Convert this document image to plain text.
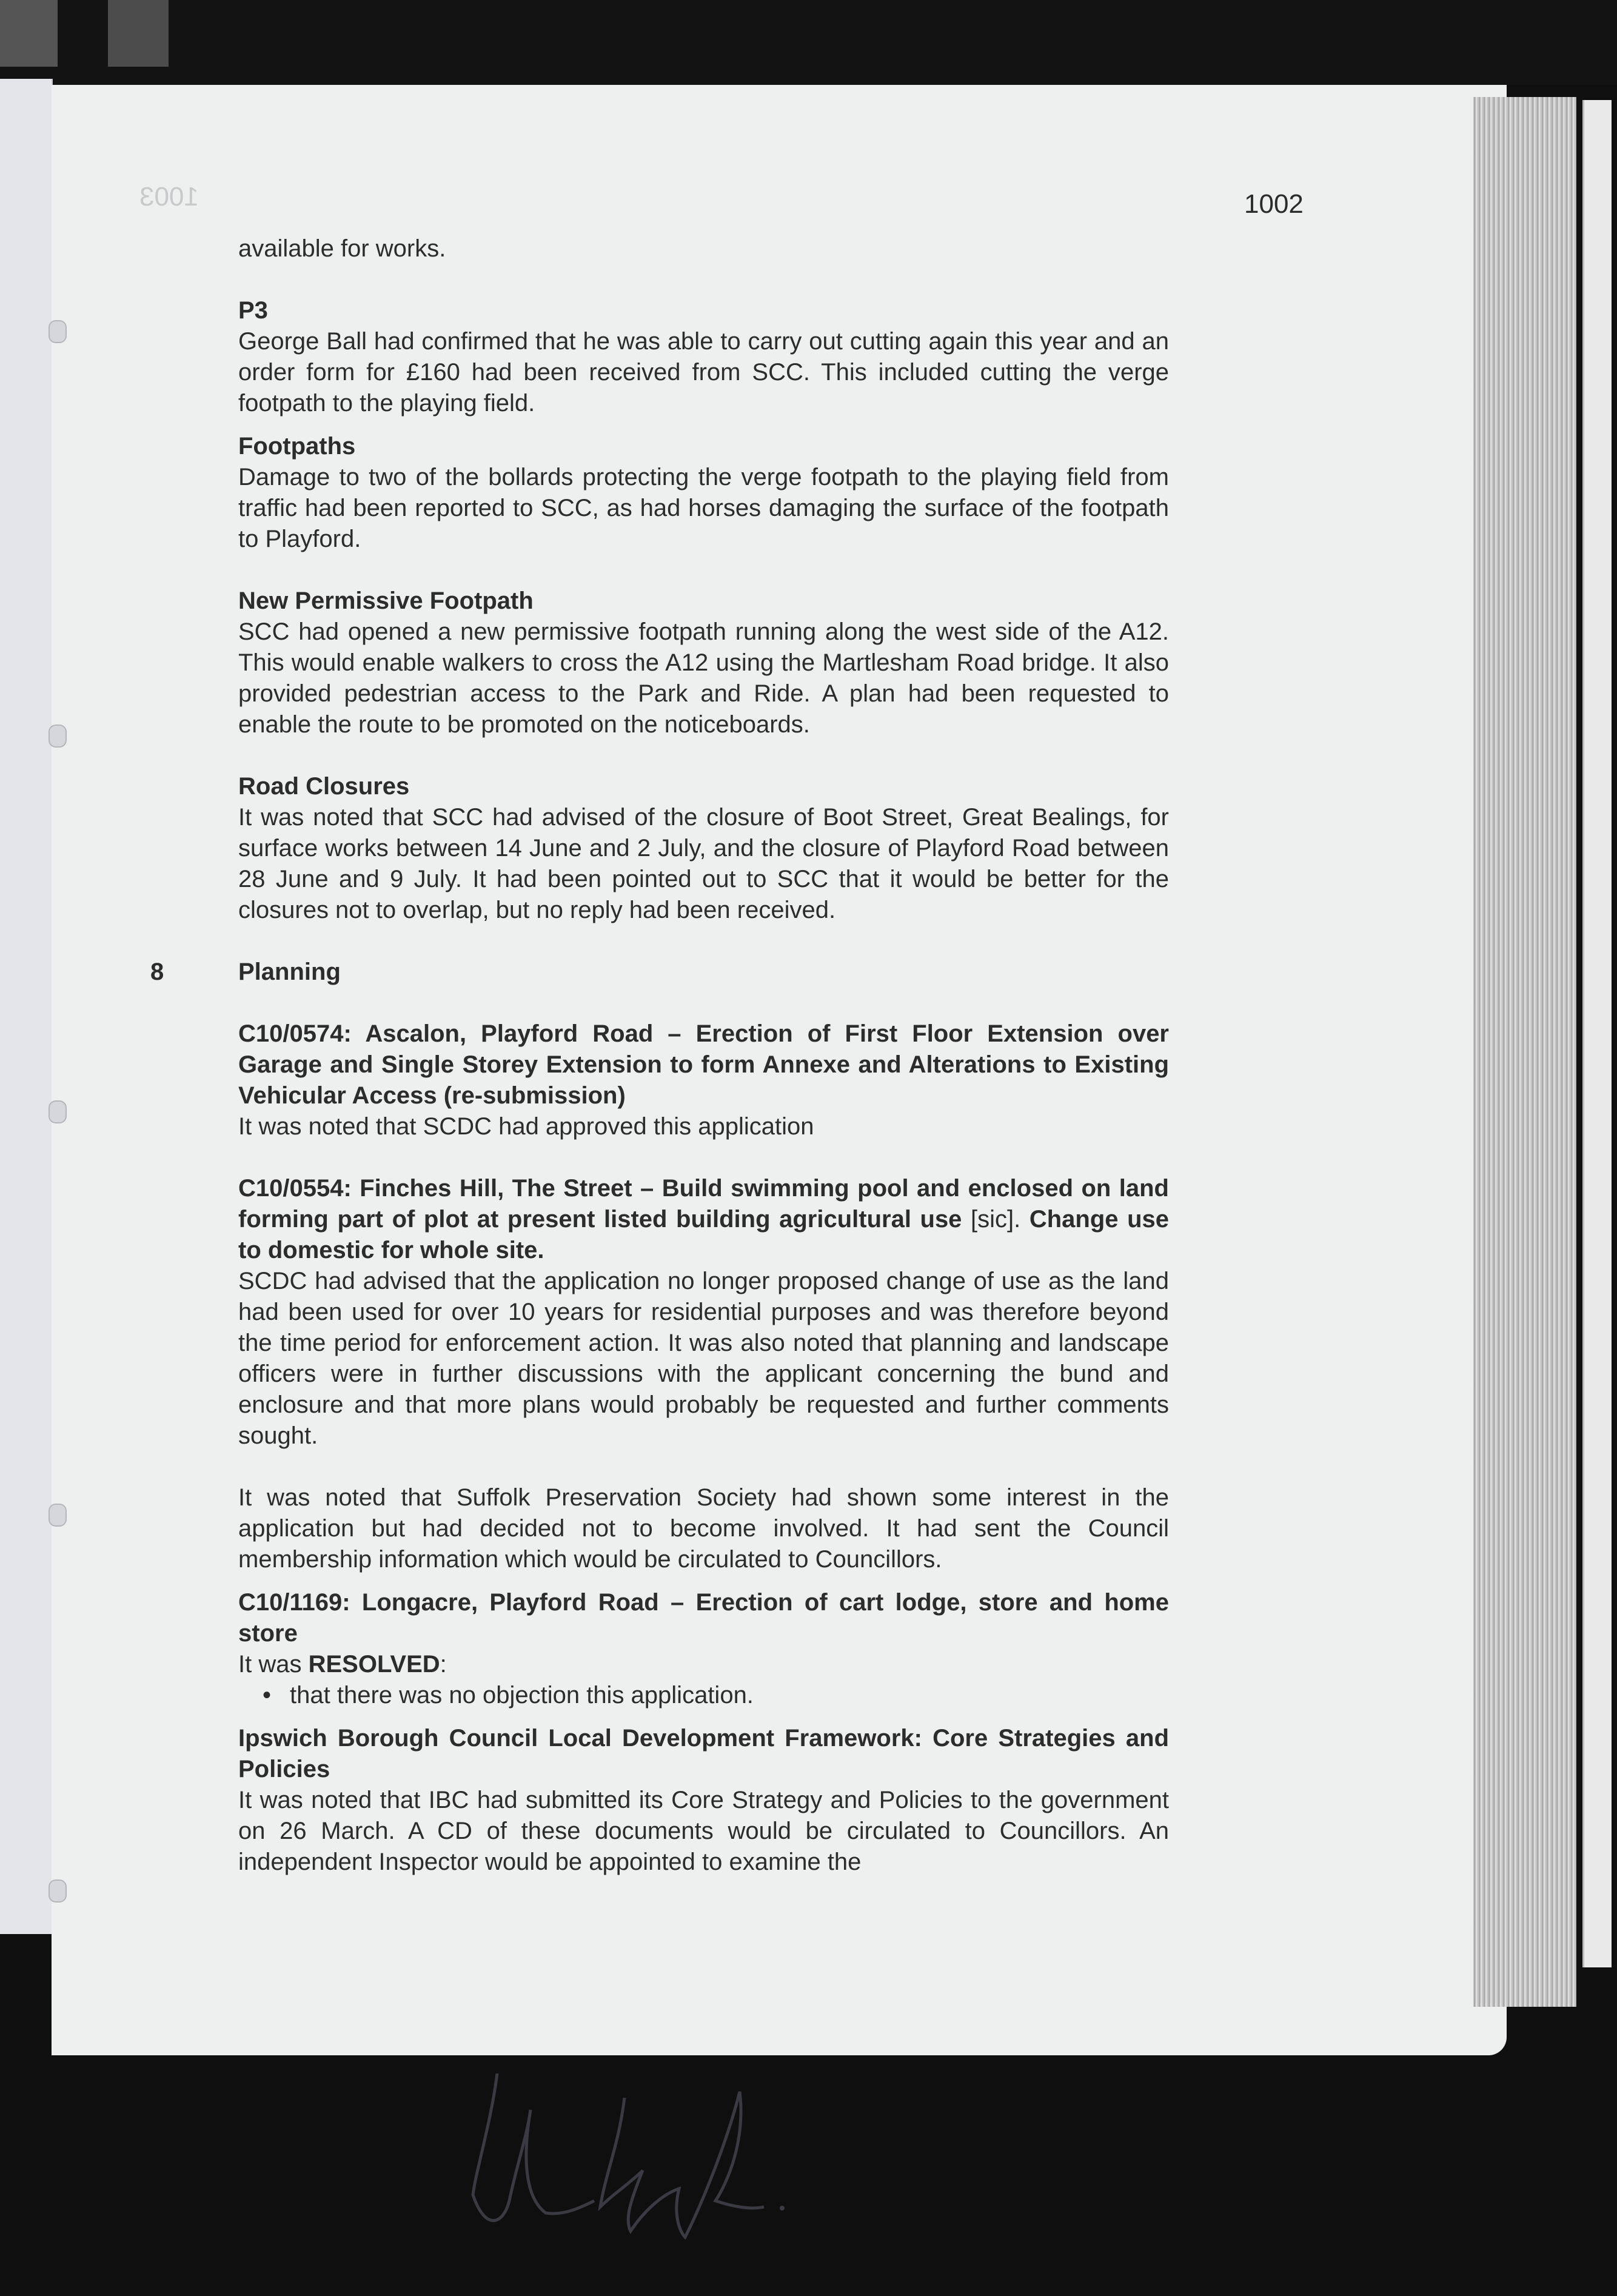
1003	1002

available for works.

P3

George Ball had confirmed that he was able to carry out cutting again this year and an order form for £160 had been received from SCC. This included cutting the verge footpath to the playing field.

Footpaths

Damage to two of the bollards protecting the verge footpath to the playing field from traffic had been reported to SCC, as had horses damaging the surface of the footpath to Playford.

New Permissive Footpath

SCC had opened a new permissive footpath running along the west side of the A12. This would enable walkers to cross the A12 using the Martlesham Road bridge. It also provided pedestrian access to the Park and Ride. A plan had been requested to enable the route to be promoted on the noticeboards.

Road Closures

It was noted that SCC had advised of the closure of Boot Street, Great Bealings, for surface works between 14 June and 2 July, and the closure of Playford Road between 28 June and 9 July. It had been pointed out to SCC that it would be better for the closures not to overlap, but no reply had been received.

8	Planning

C10/0574: Ascalon, Playford Road – Erection of First Floor Extension over Garage and Single Storey Extension to form Annexe and Alterations to Existing Vehicular Access (re-submission)

It was noted that SCDC had approved this application

C10/0554: Finches Hill, The Street – Build swimming pool and enclosed on land forming part of plot at present listed building agricultural use [sic]. Change use to domestic for whole site.

SCDC had advised that the application no longer proposed change of use as the land had been used for over 10 years for residential purposes and was therefore beyond the time period for enforcement action. It was also noted that planning and landscape officers were in further discussions with the applicant concerning the bund and enclosure and that more plans would probably be requested and further comments sought.

It was noted that Suffolk Preservation Society had shown some interest in the application but had decided not to become involved. It had sent the Council membership information which would be circulated to Councillors.

C10/1169: Longacre, Playford Road – Erection of cart lodge, store and home store

It was RESOLVED:

• that there was no objection this application.

Ipswich Borough Council Local Development Framework: Core Strategies and Policies

It was noted that IBC had submitted its Core Strategy and Policies to the government on 26 March. A CD of these documents would be circulated to Councillors. An independent Inspector would be appointed to examine the
